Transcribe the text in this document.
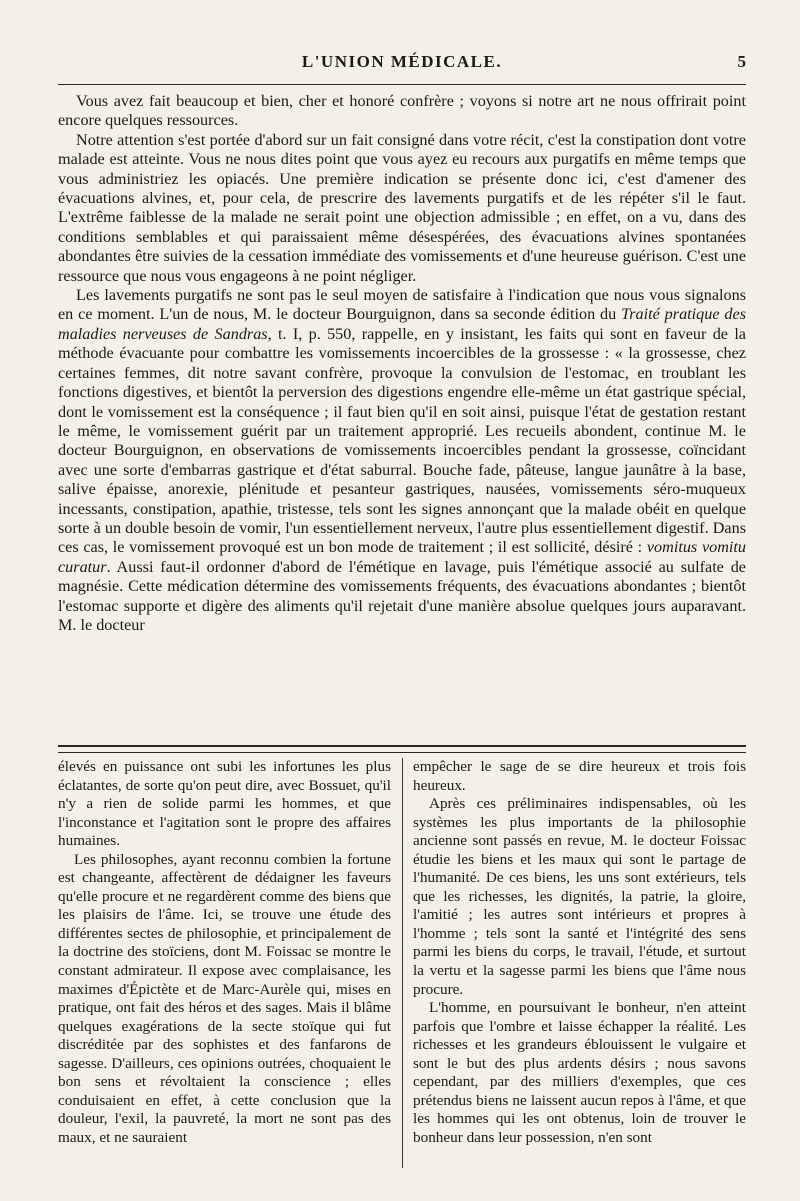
L'UNION MÉDICALE.	5

Vous avez fait beaucoup et bien, cher et honoré confrère ; voyons si notre art ne nous offrirait point encore quelques ressources.

Notre attention s'est portée d'abord sur un fait consigné dans votre récit, c'est la constipation dont votre malade est atteinte. Vous ne nous dites point que vous ayez eu recours aux purgatifs en même temps que vous administriez les opiacés. Une première indication se présente donc ici, c'est d'amener des évacuations alvines, et, pour cela, de prescrire des lavements purgatifs et de les répéter s'il le faut. L'extrême faiblesse de la malade ne serait point une objection admissible ; en effet, on a vu, dans des conditions semblables et qui paraissaient même désespérées, des évacuations alvines spontanées abondantes être suivies de la cessation immédiate des vomissements et d'une heureuse guérison. C'est une ressource que nous vous engageons à ne point négliger.

Les lavements purgatifs ne sont pas le seul moyen de satisfaire à l'indication que nous vous signalons en ce moment. L'un de nous, M. le docteur Bourguignon, dans sa seconde édition du Traité pratique des maladies nerveuses de Sandras, t. I, p. 550, rappelle, en y insistant, les faits qui sont en faveur de la méthode évacuante pour combattre les vomissements incoercibles de la grossesse : « la grossesse, chez certaines femmes, dit notre savant confrère, provoque la convulsion de l'estomac, en troublant les fonctions digestives, et bientôt la perversion des digestions engendre elle-même un état gastrique spécial, dont le vomissement est la conséquence ; il faut bien qu'il en soit ainsi, puisque l'état de gestation restant le même, le vomissement guérit par un traitement approprié. Les recueils abondent, continue M. le docteur Bourguignon, en observations de vomissements incoercibles pendant la grossesse, coïncidant avec une sorte d'embarras gastrique et d'état saburral. Bouche fade, pâteuse, langue jaunâtre à la base, salive épaisse, anorexie, plénitude et pesanteur gastriques, nausées, vomissements séro-muqueux incessants, constipation, apathie, tristesse, tels sont les signes annonçant que la malade obéit en quelque sorte à un double besoin de vomir, l'un essentiellement nerveux, l'autre plus essentiellement digestif. Dans ces cas, le vomissement provoqué est un bon mode de traitement ; il est sollicité, désiré : vomitus vomitu curatur. Aussi faut-il ordonner d'abord de l'émétique en lavage, puis l'émétique associé au sulfate de magnésie. Cette médication détermine des vomissements fréquents, des évacuations abondantes ; bientôt l'estomac supporte et digère des aliments qu'il rejetait d'une manière absolue quelques jours auparavant. M. le docteur

élevés en puissance ont subi les infortunes les plus éclatantes, de sorte qu'on peut dire, avec Bossuet, qu'il n'y a rien de solide parmi les hommes, et que l'inconstance et l'agitation sont le propre des affaires humaines.

Les philosophes, ayant reconnu combien la fortune est changeante, affectèrent de dédaigner les faveurs qu'elle procure et ne regardèrent comme des biens que les plaisirs de l'âme. Ici, se trouve une étude des différentes sectes de philosophie, et principalement de la doctrine des stoïciens, dont M. Foissac se montre le constant admirateur. Il expose avec complaisance, les maximes d'Épictète et de Marc-Aurèle qui, mises en pratique, ont fait des héros et des sages. Mais il blâme quelques exagérations de la secte stoïque qui fut discréditée par des sophistes et des fanfarons de sagesse. D'ailleurs, ces opinions outrées, choquaient le bon sens et révoltaient la conscience ; elles conduisaient en effet, à cette conclusion que la douleur, l'exil, la pauvreté, la mort ne sont pas des maux, et ne sauraient

empêcher le sage de se dire heureux et trois fois heureux.

Après ces préliminaires indispensables, où les systèmes les plus importants de la philosophie ancienne sont passés en revue, M. le docteur Foissac étudie les biens et les maux qui sont le partage de l'humanité. De ces biens, les uns sont extérieurs, tels que les richesses, les dignités, la patrie, la gloire, l'amitié ; les autres sont intérieurs et propres à l'homme ; tels sont la santé et l'intégrité des sens parmi les biens du corps, le travail, l'étude, et surtout la vertu et la sagesse parmi les biens que l'âme nous procure.

L'homme, en poursuivant le bonheur, n'en atteint parfois que l'ombre et laisse échapper la réalité. Les richesses et les grandeurs éblouissent le vulgaire et sont le but des plus ardents désirs ; nous savons cependant, par des milliers d'exemples, que ces prétendus biens ne laissent aucun repos à l'âme, et que les hommes qui les ont obtenus, loin de trouver le bonheur dans leur possession, n'en sont
